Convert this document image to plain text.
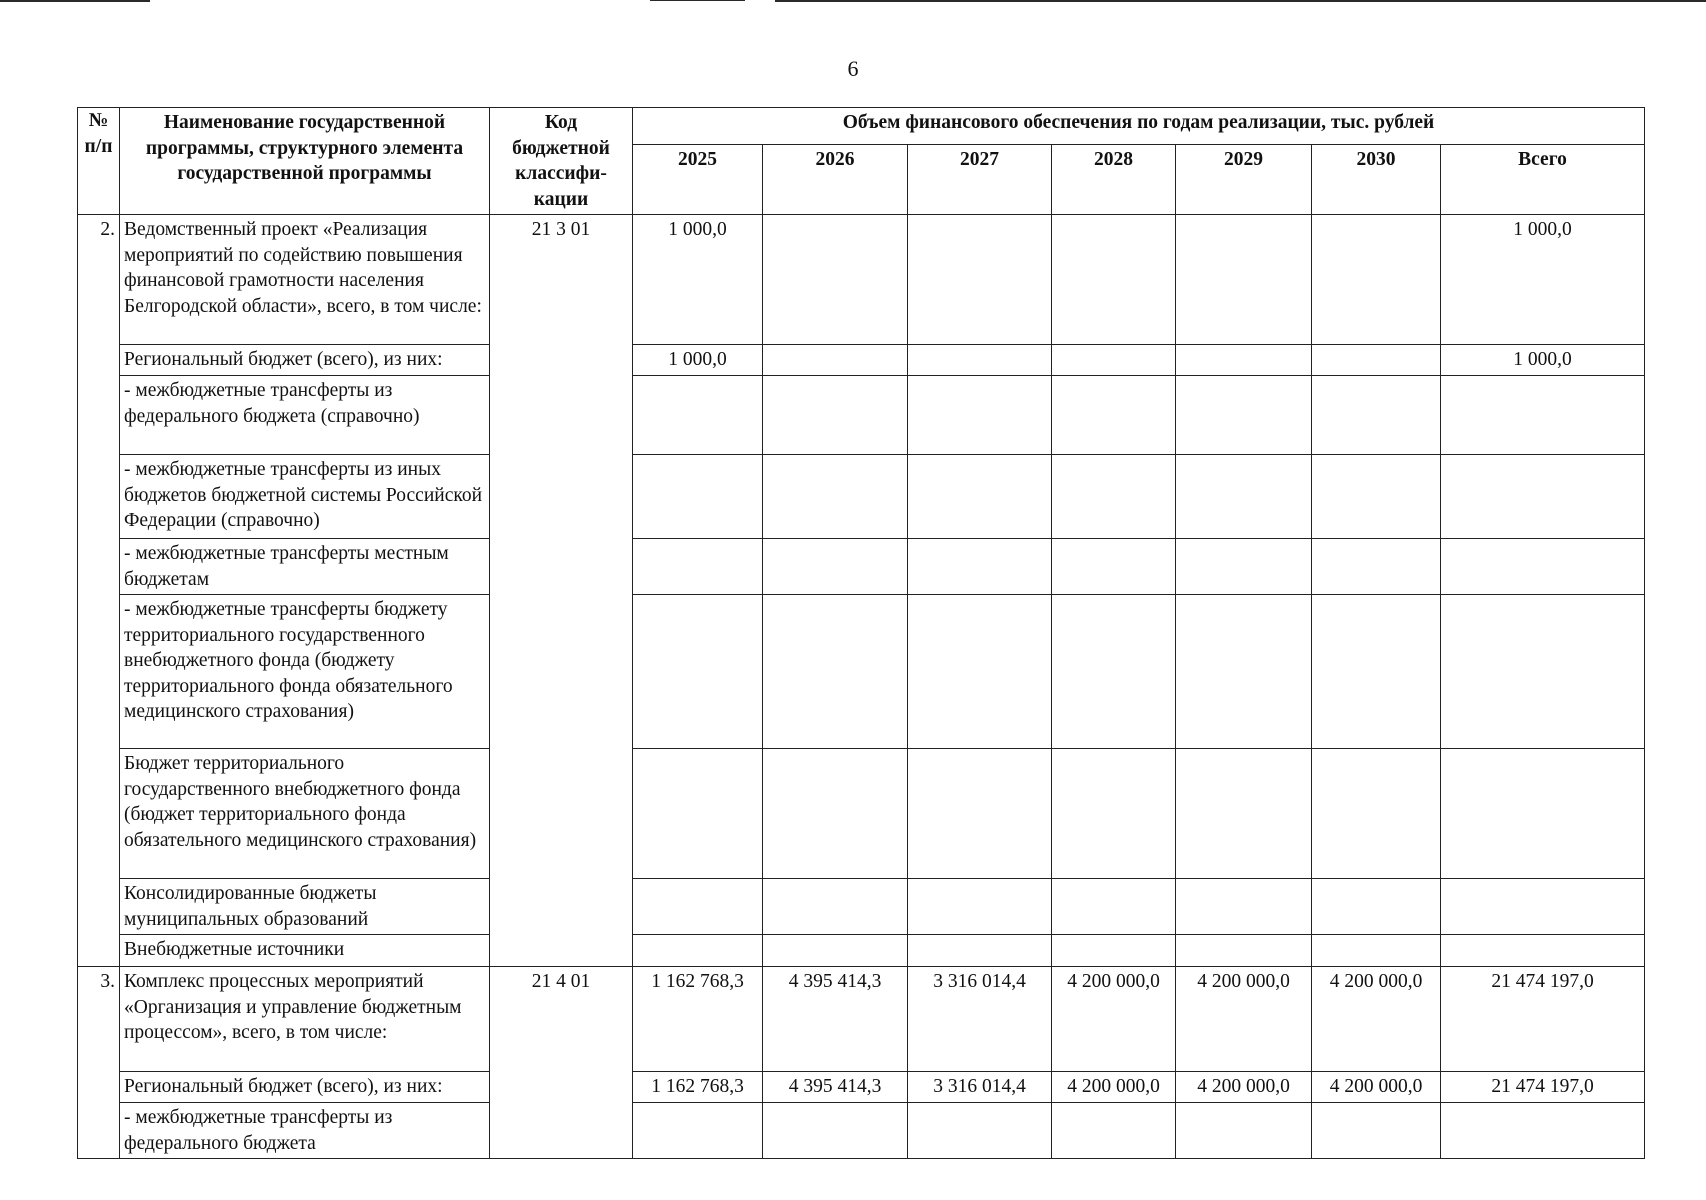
6
№ п/п	Наименование государственной программы, структурного элемента государственной программы	Код бюджетной классифи-кации	Объем финансового обеспечения по годам реализации, тыс. рублей						
			2025	2026	2027	2028	2029	2030	Всего
2.	Ведомственный проект «Реализация мероприятий по содействию повышения финансовой грамотности населения Белгородской области», всего, в том числе:	21 3 01	1 000,0						1 000,0
	Региональный бюджет (всего), из них:		1 000,0						1 000,0
	- межбюджетные трансферты из федерального бюджета (справочно)								
	- межбюджетные трансферты из иных бюджетов бюджетной системы Российской Федерации (справочно)								
	- межбюджетные трансферты местным бюджетам								
	- межбюджетные трансферты бюджету территориального государственного внебюджетного фонда (бюджету территориального фонда обязательного медицинского страхования)								
	Бюджет территориального государственного внебюджетного фонда (бюджет территориального фонда обязательного медицинского страхования)								
	Консолидированные бюджеты муниципальных образований								
	Внебюджетные источники								
3.	Комплекс процессных мероприятий «Организация и управление бюджетным процессом», всего, в том числе:	21 4 01	1 162 768,3	4 395 414,3	3 316 014,4	4 200 000,0	4 200 000,0	4 200 000,0	21 474 197,0
	Региональный бюджет (всего), из них:		1 162 768,3	4 395 414,3	3 316 014,4	4 200 000,0	4 200 000,0	4 200 000,0	21 474 197,0
	- межбюджетные трансферты из федерального бюджета								
